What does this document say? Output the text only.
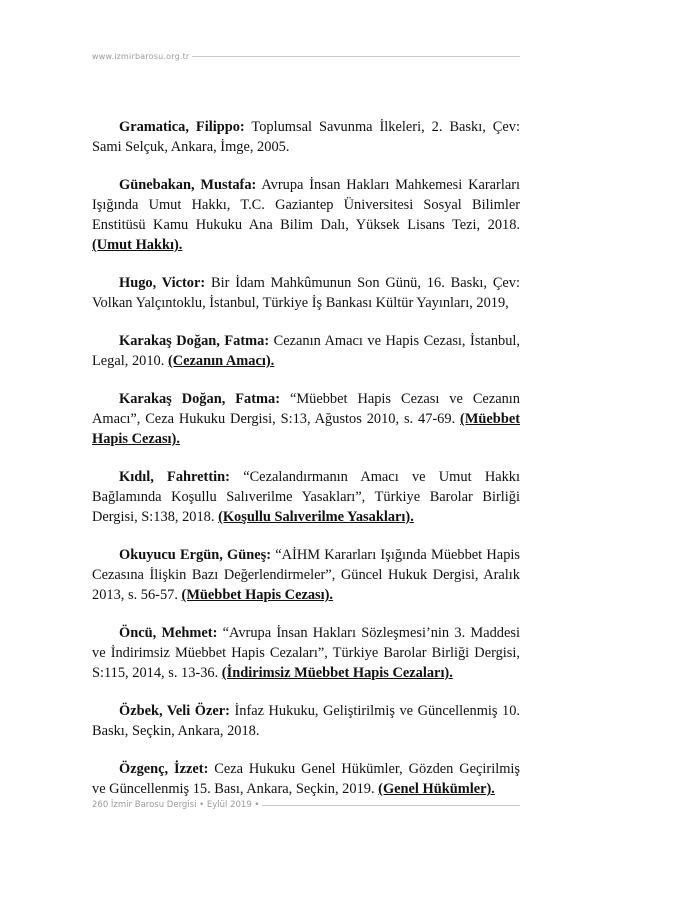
www.izmirbarosu.org.tr

Gramatica, Filippo: Toplumsal Savunma İlkeleri, 2. Baskı, Çev: Sami Selçuk, Ankara, İmge, 2005.

Günebakan, Mustafa: Avrupa İnsan Hakları Mahkemesi Kararları Işığında Umut Hakkı, T.C. Gaziantep Üniversitesi Sosyal Bilimler Enstitüsü Kamu Hukuku Ana Bilim Dalı, Yüksek Lisans Tezi, 2018. (Umut Hakkı).

Hugo, Victor: Bir İdam Mahkûmunun Son Günü, 16. Baskı, Çev: Volkan Yalçıntoklu, İstanbul, Türkiye İş Bankası Kültür Yayınları, 2019,

Karakaş Doğan, Fatma: Cezanın Amacı ve Hapis Cezası, İstanbul, Legal, 2010. (Cezanın Amacı).

Karakaş Doğan, Fatma: “Müebbet Hapis Cezası ve Cezanın Amacı”, Ceza Hukuku Dergisi, S:13, Ağustos 2010, s. 47-69. (Müebbet Hapis Cezası).

Kıdıl, Fahrettin: “Cezalandırmanın Amacı ve Umut Hakkı Bağlamında Koşullu Salıverilme Yasakları”, Türkiye Barolar Birliği Dergisi, S:138, 2018. (Koşullu Salıverilme Yasakları).

Okuyucu Ergün, Güneş: “AİHM Kararları Işığında Müebbet Hapis Cezasına İlişkin Bazı Değerlendirmeler”, Güncel Hukuk Dergisi, Aralık 2013, s. 56-57. (Müebbet Hapis Cezası).

Öncü, Mehmet: “Avrupa İnsan Hakları Sözleşmesi’nin 3. Maddesi ve İndirimsiz Müebbet Hapis Cezaları”, Türkiye Barolar Birliği Dergisi, S:115, 2014, s. 13-36. (İndirimsiz Müebbet Hapis Cezaları).

Özbek, Veli Özer: İnfaz Hukuku, Geliştirilmiş ve Güncellenmiş 10. Baskı, Seçkin, Ankara, 2018.

Özgenç, İzzet: Ceza Hukuku Genel Hükümler, Gözden Geçirilmiş ve Güncellenmiş 15. Bası, Ankara, Seçkin, 2019. (Genel Hükümler).

260 İzmir Barosu Dergisi • Eylül 2019 •
